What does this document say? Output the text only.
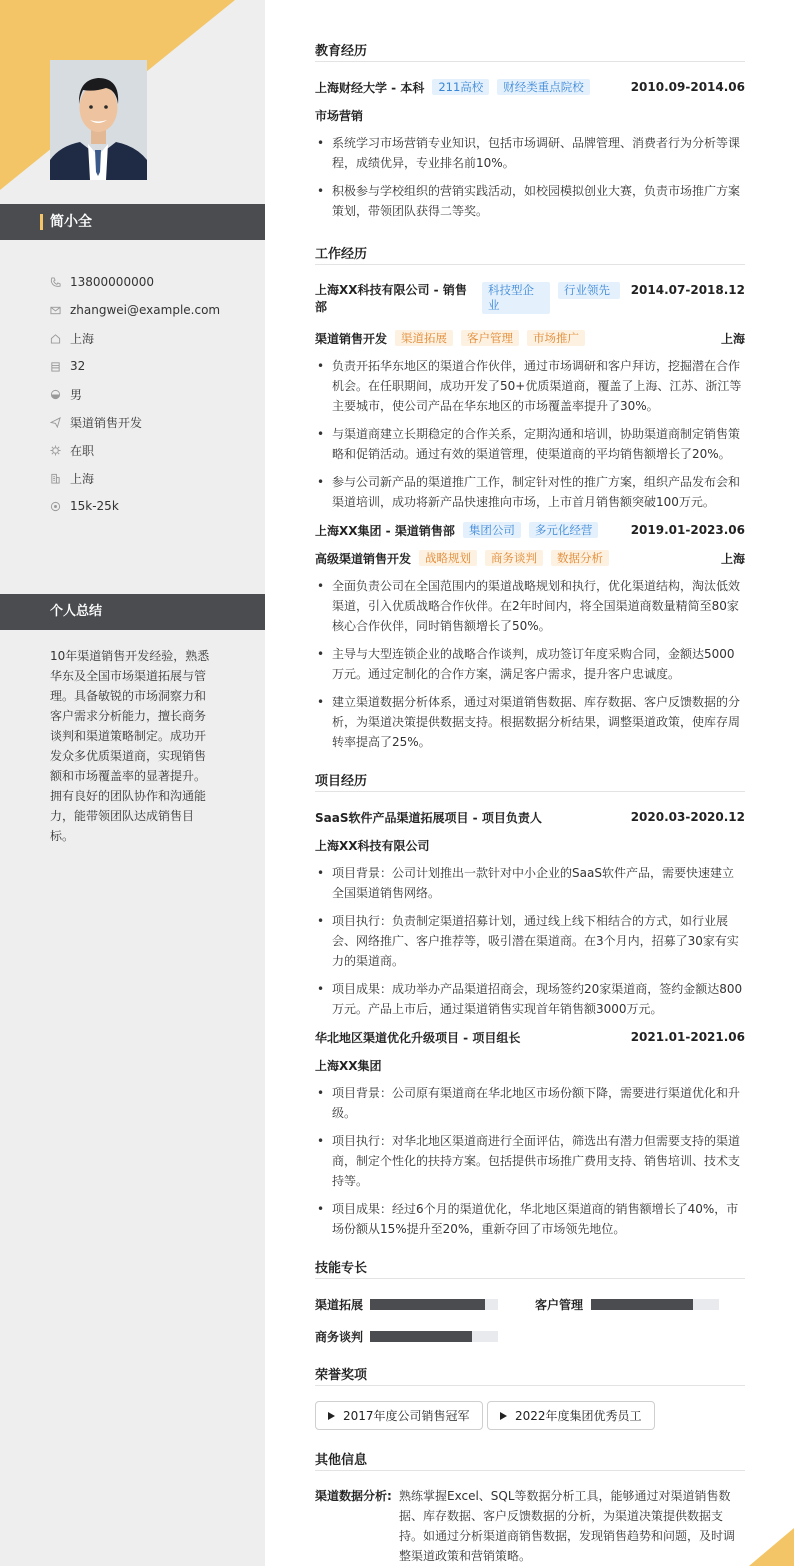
简小全
13800000000
zhangwei@example.com
上海
32
男
渠道销售开发
在职
上海
15k-25k
个人总结
10年渠道销售开发经验，熟悉华东及全国市场渠道拓展与管理。具备敏锐的市场洞察力和客户需求分析能力，擅长商务谈判和渠道策略制定。成功开发众多优质渠道商，实现销售额和市场覆盖率的显著提升。拥有良好的团队协作和沟通能力，能带领团队达成销售目标。
教育经历
上海财经大学 - 本科	211高校	财经类重点院校	2010.09-2014.06
市场营销
• 系统学习市场营销专业知识，包括市场调研、品牌管理、消费者行为分析等课程，成绩优异，专业排名前10%。
• 积极参与学校组织的营销实践活动，如校园模拟创业大赛，负责市场推广方案策划，带领团队获得二等奖。
工作经历
上海XX科技有限公司 - 销售
部
科技型企业
行业领先	2014.07-2018.12
渠道销售开发	渠道拓展	客户管理	市场推广	上海
• 负责开拓华东地区的渠道合作伙伴，通过市场调研和客户拜访，挖掘潜在合作机会。在任职期间，成功开发了50+优质渠道商，覆盖了上海、江苏、浙江等主要城市，使公司产品在华东地区的市场覆盖率提升了30%。
• 与渠道商建立长期稳定的合作关系，定期沟通和培训，协助渠道商制定销售策略和促销活动。通过有效的渠道管理，使渠道商的平均销售额增长了20%。
• 参与公司新产品的渠道推广工作，制定针对性的推广方案，组织产品发布会和渠道培训，成功将新产品快速推向市场，上市首月销售额突破100万元。
上海XX集团 - 渠道销售部	集团公司	多元化经营	2019.01-2023.06
高级渠道销售开发	战略规划	商务谈判	数据分析	上海
• 全面负责公司在全国范围内的渠道战略规划和执行，优化渠道结构，淘汰低效渠道，引入优质战略合作伙伴。在2年时间内，将全国渠道商数量精简至80家核心合作伙伴，同时销售额增长了50%。
• 主导与大型连锁企业的战略合作谈判，成功签订年度采购合同，金额达5000万元。通过定制化的合作方案，满足客户需求，提升客户忠诚度。
• 建立渠道数据分析体系，通过对渠道销售数据、库存数据、客户反馈数据的分析，为渠道决策提供数据支持。根据数据分析结果，调整渠道政策，使库存周转率提高了25%。
项目经历
SaaS软件产品渠道拓展项目 - 项目负责人	2020.03-2020.12
上海XX科技有限公司
• 项目背景：公司计划推出一款针对中小企业的SaaS软件产品，需要快速建立全国渠道销售网络。
• 项目执行：负责制定渠道招募计划，通过线上线下相结合的方式，如行业展会、网络推广、客户推荐等，吸引潜在渠道商。在3个月内，招募了30家有实力的渠道商。
• 项目成果：成功举办产品渠道招商会，现场签约20家渠道商，签约金额达800万元。产品上市后，通过渠道销售实现首年销售额3000万元。
华北地区渠道优化升级项目 - 项目组长	2021.01-2021.06
上海XX集团
• 项目背景：公司原有渠道商在华北地区市场份额下降，需要进行渠道优化和升级。
• 项目执行：对华北地区渠道商进行全面评估，筛选出有潜力但需要支持的渠道商，制定个性化的扶持方案。包括提供市场推广费用支持、销售培训、技术支持等。
• 项目成果：经过6个月的渠道优化，华北地区渠道商的销售额增长了40%，市场份额从15%提升至20%，重新夺回了市场领先地位。
技能专长
渠道拓展	客户管理
商务谈判
荣誉奖项
2017年度公司销售冠军	2022年度集团优秀员工
其他信息
渠道数据分析: 熟练掌握Excel、SQL等数据分析工具，能够通过对渠道销售数据、库存数据、客户反馈数据的分析，为渠道决策提供数据支持。如通过分析渠道商销售数据，发现销售趋势和问题，及时调整渠道政策和营销策略。
